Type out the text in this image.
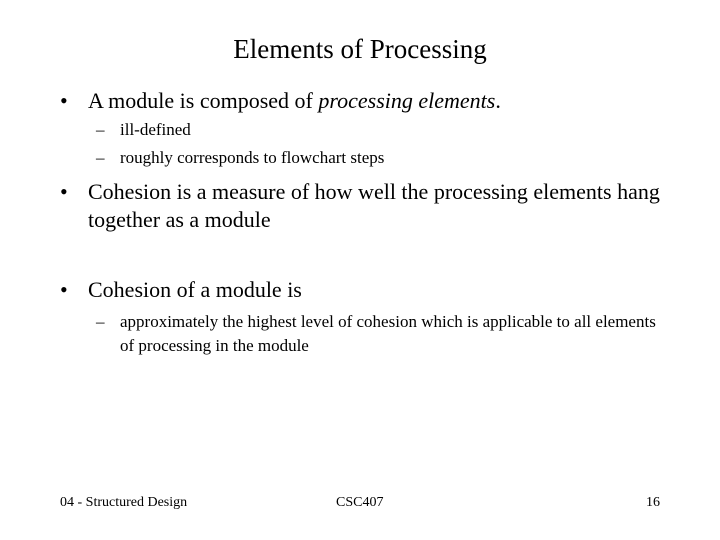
Elements of Processing
• A module is composed of processing elements.
– ill-defined
– roughly corresponds to flowchart steps
• Cohesion is a measure of how well the processing elements hang together as a module
• Cohesion of a module is
– approximately the highest level of cohesion which is applicable to all elements of processing in the module
04 - Structured Design	CSC407	16
